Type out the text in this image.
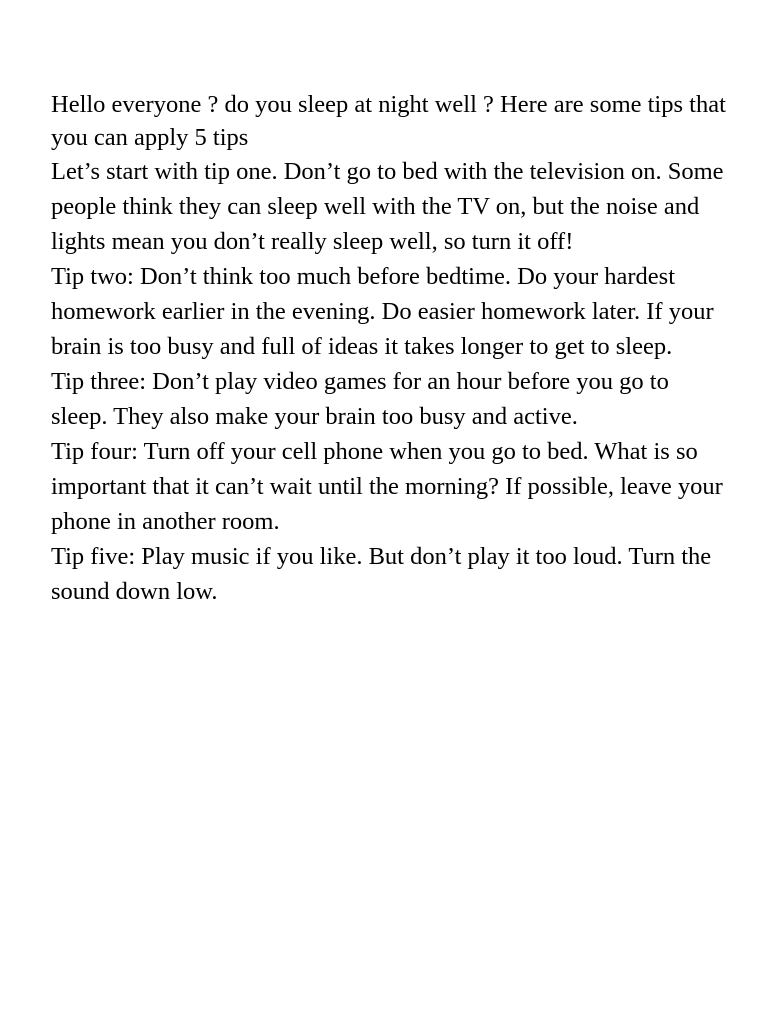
Hello everyone ? do you sleep at night well ? Here are some tips that you can apply 5 tips

Let’s start with tip one. Don’t go to bed with the television on. Some people think they can sleep well with the TV on, but the noise and lights mean you don’t really sleep well, so turn it off!

Tip two: Don’t think too much before bedtime. Do your hardest homework earlier in the evening. Do easier homework later. If your brain is too busy and full of ideas it takes longer to get to sleep.

Tip three: Don’t play video games for an hour before you go to sleep. They also make your brain too busy and active.

Tip four: Turn off your cell phone when you go to bed. What is so important that it can’t wait until the morning? If possible, leave your phone in another room.

Tip five: Play music if you like. But don’t play it too loud. Turn the sound down low.
